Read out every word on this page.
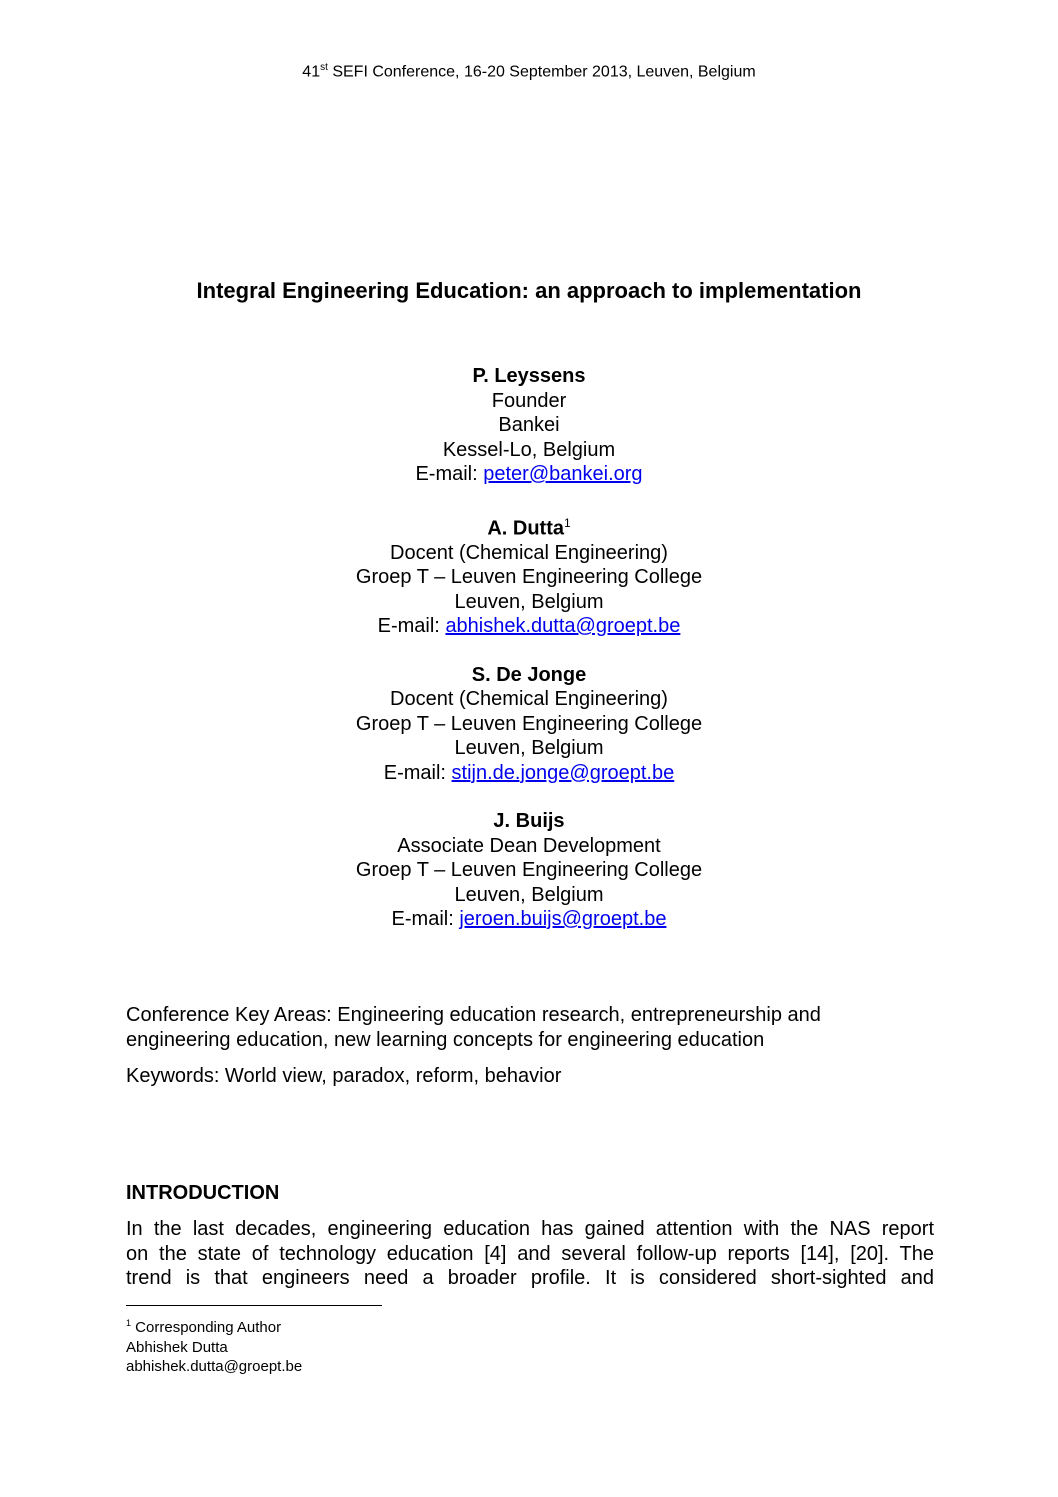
41st SEFI Conference, 16-20 September 2013, Leuven, Belgium
Integral Engineering Education: an approach to implementation
P. Leyssens
Founder
Bankei
Kessel-Lo, Belgium
E-mail: peter@bankei.org
A. Dutta$^1$
Docent (Chemical Engineering)
Groep T – Leuven Engineering College
Leuven, Belgium
E-mail: abhishek.dutta@groept.be
S. De Jonge
Docent (Chemical Engineering)
Groep T – Leuven Engineering College
Leuven, Belgium
E-mail: stijn.de.jonge@groept.be
J. Buijs
Associate Dean Development
Groep T – Leuven Engineering College
Leuven, Belgium
E-mail: jeroen.buijs@groept.be
Conference Key Areas: Engineering education research, entrepreneurship and
engineering education, new learning concepts for engineering education
Keywords: World view, paradox, reform, behavior
INTRODUCTION
In the last decades, engineering education has gained attention with the NAS report
on the state of technology education [4] and several follow-up reports [14], [20]. The
trend is that engineers need a broader profile. It is considered short-sighted and
$^1$ Corresponding Author
Abhishek Dutta
abhishek.dutta@groept.be
